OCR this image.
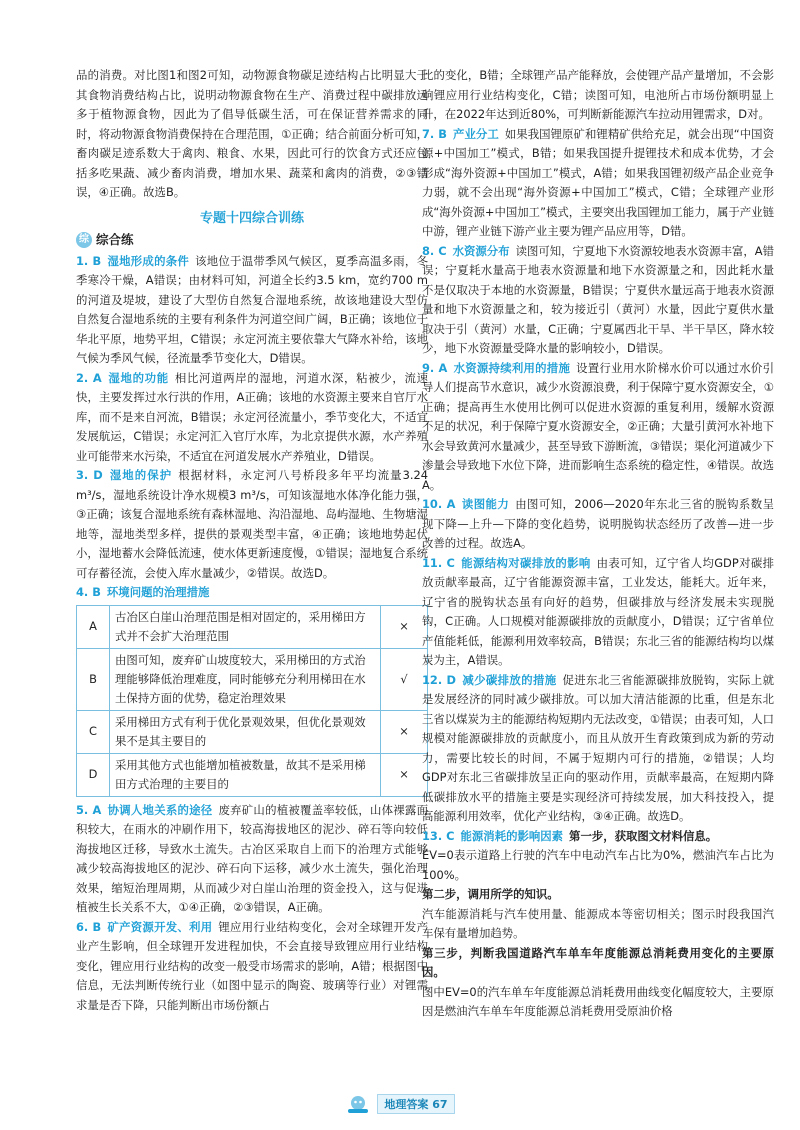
品的消费。对比图1和图2可知，动物源食物碳足迹结构占比明显大于其食物消费结构占比，说明动物源食物在生产、消费过程中碳排放远多于植物源食物，因此为了倡导低碳生活，可在保证营养需求的同时，将动物源食物消费保持在合理范围，①正确；结合前面分析可知，畜肉碳足迹系数大于禽肉、粮食、水果，因此可行的饮食方式还应包括多吃果蔬、减少畜肉消费，增加水果、蔬菜和禽肉的消费，②③错误，④正确。故选B。

专题十四综合训练
综 综合练

1. B 湿地形成的条件 该地位于温带季风气候区，夏季高温多雨，冬季寒冷干燥，A错误；由材料可知，河道全长约3.5 km，宽约700 m的河道及堤坡，建设了大型仿自然复合湿地系统，故该地建设大型仿自然复合湿地系统的主要有利条件为河道空间广阔，B正确；该地位于华北平原，地势平坦，C错误；永定河流主要依靠大气降水补给，该地气候为季风气候，径流量季节变化大，D错误。

2. A 湿地的功能 相比河道两岸的湿地，河道水深，粘被少，流速快，主要发挥过水行洪的作用，A正确；该地的水资源主要来自官厅水库，而不是来自河流，B错误；永定河径流量小，季节变化大，不适宜发展航运，C错误；永定河汇入官厅水库，为北京提供水源，水产养殖业可能带来水污染，不适宜在河道发展水产养殖业，D错误。

3. D 湿地的保护 根据材料，永定河八号桥段多年平均流量3.24 m³/s，湿地系统设计净水规模3 m³/s，可知该湿地水体净化能力强，③正确；该复合湿地系统有森林湿地、沟沿湿地、岛屿湿地、生物塘湿地等，湿地类型多样，提供的景观类型丰富，④正确；该地地势起伏小，湿地蓄水会降低流速，使水体更新速度慢，①错误；湿地复合系统可存蓄径流，会使入库水量减少，②错误。故选D。

4. B 环境问题的治理措施

A	古冶区白崖山治理范围是相对固定的，采用梯田方式并不会扩大治理范围	×
B	由图可知，废弃矿山坡度较大，采用梯田的方式治理能够降低治理难度，同时能够充分利用梯田在水土保持方面的优势，稳定治理效果	√
C	采用梯田方式有利于优化景观效果，但优化景观效果不是其主要目的	×
D	采用其他方式也能增加植被数量，故其不是采用梯田方式治理的主要目的	×

5. A 协调人地关系的途径 废弃矿山的植被覆盖率较低，山体裸露面积较大，在雨水的冲刷作用下，较高海拔地区的泥沙、碎石等向较低海拔地区迁移，导致水土流失。古冶区采取自上而下的治理方式能够减少较高海拔地区的泥沙、碎石向下运移，减少水土流失，强化治理效果，缩短治理周期，从而减少对白崖山治理的资金投入，这与促进植被生长关系不大，①④正确，②③错误，A正确。

6. B 矿产资源开发、利用 锂应用行业结构变化，会对全球锂开发产业产生影响，但全球锂开发进程加快，不会直接导致锂应用行业结构变化，锂应用行业结构的改变一般受市场需求的影响，A错；根据图中信息，无法判断传统行业（如图中显示的陶瓷、玻璃等行业）对锂需求量是否下降，只能判断出市场份额占

比的变化，B错；全球锂产品产能释放，会使锂产品产量增加，不会影响锂应用行业结构变化，C错；读图可知，电池所占市场份额明显上升，在2022年达到近80%，可判断新能源汽车拉动用锂需求，D对。

7. B 产业分工 如果我国锂原矿和锂精矿供给充足，就会出现“中国资源+中国加工”模式，B错；如果我国提升提锂技术和成本优势，才会形成“海外资源+中国加工”模式，A错；如果我国锂初级产品企业竞争力弱，就不会出现“海外资源+中国加工”模式，C错；全球锂产业形成“海外资源+中国加工”模式，主要突出我国锂加工能力，属于产业链中游，锂产业链下游产业主要为锂产品应用等，D错。

8. C 水资源分布 读图可知，宁夏地下水资源较地表水资源丰富，A错误；宁夏耗水量高于地表水资源量和地下水资源量之和，因此耗水量不是仅取决于本地的水资源量，B错误；宁夏供水量远高于地表水资源量和地下水资源量之和，较为接近引（黄河）水量，因此宁夏供水量取决于引（黄河）水量，C正确；宁夏属西北干旱、半干旱区，降水较少，地下水资源量受降水量的影响较小，D错误。

9. A 水资源持续利用的措施 设置行业用水阶梯水价可以通过水价引导人们提高节水意识，减少水资源浪费，利于保障宁夏水资源安全，①正确；提高再生水使用比例可以促进水资源的重复利用，缓解水资源不足的状况，利于保障宁夏水资源安全，②正确；大量引黄河水补地下水会导致黄河水量减少，甚至导致下游断流，③错误；渠化河道减少下渗量会导致地下水位下降，进而影响生态系统的稳定性，④错误。故选A。

10. A 读图能力 由图可知，2006—2020年东北三省的脱钩系数呈现下降—上升—下降的变化趋势，说明脱钩状态经历了改善—进一步改善的过程。故选A。

11. C 能源结构对碳排放的影响 由表可知，辽宁省人均GDP对碳排放贡献率最高，辽宁省能源资源丰富，工业发达，能耗大。近年来，辽宁省的脱钩状态虽有向好的趋势，但碳排放与经济发展未实现脱钩，C正确。人口规模对能源碳排放的贡献度小，D错误；辽宁省单位产值能耗低，能源利用效率较高，B错误；东北三省的能源结构均以煤炭为主，A错误。

12. D 减少碳排放的措施 促进东北三省能源碳排放脱钩，实际上就是发展经济的同时减少碳排放。可以加大清洁能源的比重，但是东北三省以煤炭为主的能源结构短期内无法改变，①错误；由表可知，人口规模对能源碳排放的贡献度小，而且从放开生育政策到成为新的劳动力，需要比较长的时间，不属于短期内可行的措施，②错误；人均GDP对东北三省碳排放呈正向的驱动作用，贡献率最高，在短期内降低碳排放水平的措施主要是实现经济可持续发展，加大科技投入，提高能源利用效率，优化产业结构，③④正确。故选D。

13. C 能源消耗的影响因素 第一步，获取图文材料信息。

EV=0表示道路上行驶的汽车中电动汽车占比为0%，燃油汽车占比为100%。

第二步，调用所学的知识。

汽车能源消耗与汽车使用量、能源成本等密切相关；图示时段我国汽车保有量增加趋势。

第三步，判断我国道路汽车单车年度能源总消耗费用变化的主要原因。

图中EV=0的汽车单车年度能源总消耗费用曲线变化幅度较大，主要原因是燃油汽车单车年度能源总消耗费用受原油价格

地理答案 67
